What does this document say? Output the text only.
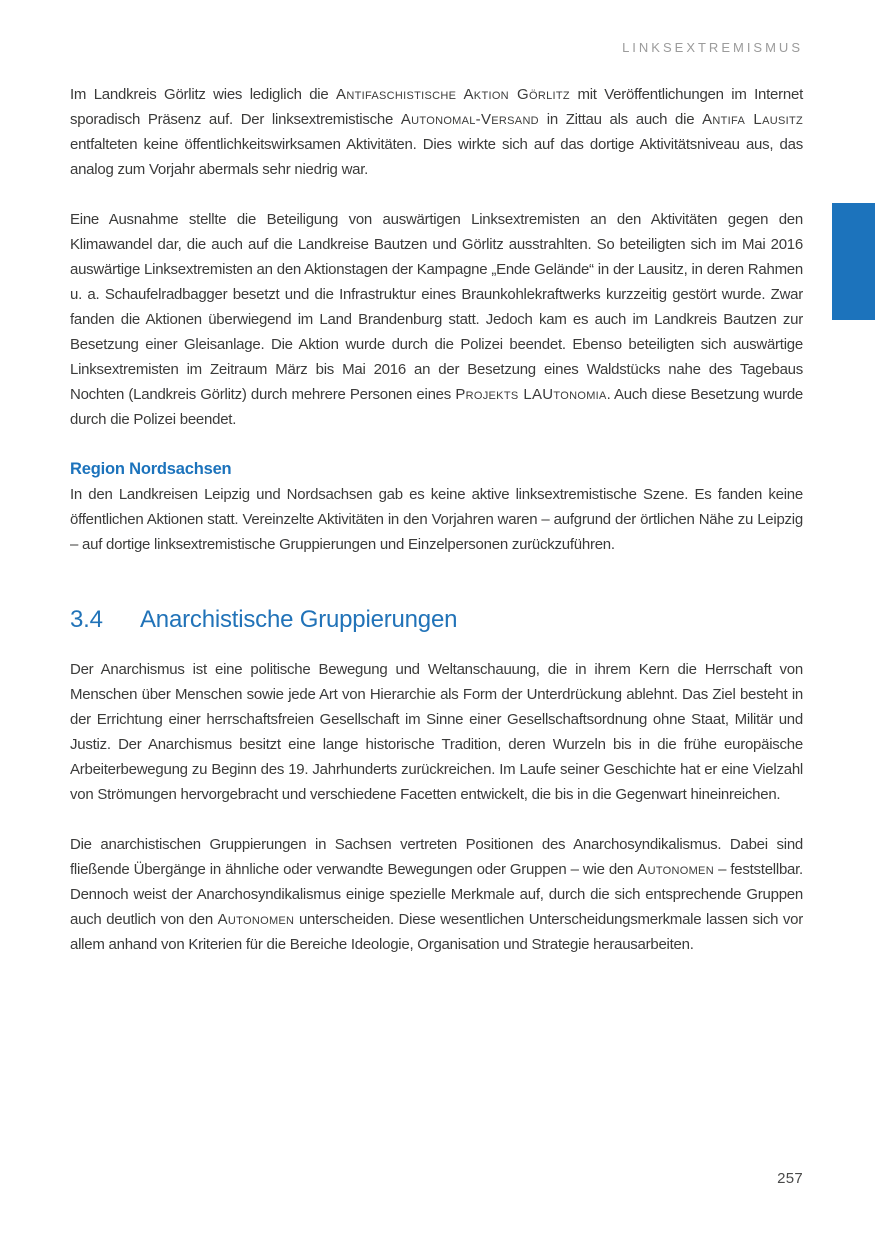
LINKSEXTREMISMUS

Im Landkreis Görlitz wies lediglich die Antifaschistische Aktion Görlitz mit Veröffentlichungen im Internet sporadisch Präsenz auf. Der linksextremistische Autonomal-Versand in Zittau als auch die Antifa Lausitz entfalteten keine öffentlichkeitswirksamen Aktivitäten. Dies wirkte sich auf das dortige Aktivitätsniveau aus, das analog zum Vorjahr abermals sehr niedrig war.

Eine Ausnahme stellte die Beteiligung von auswärtigen Linksextremisten an den Aktivitäten gegen den Klimawandel dar, die auch auf die Landkreise Bautzen und Görlitz ausstrahlten. So beteiligten sich im Mai 2016 auswärtige Linksextremisten an den Aktionstagen der Kampagne „Ende Gelände“ in der Lausitz, in deren Rahmen u. a. Schaufelradbagger besetzt und die Infrastruktur eines Braunkohlekraftwerks kurzzeitig gestört wurde. Zwar fanden die Aktionen überwiegend im Land Brandenburg statt. Jedoch kam es auch im Landkreis Bautzen zur Besetzung einer Gleisanlage. Die Aktion wurde durch die Polizei beendet. Ebenso beteiligten sich auswärtige Linksextremisten im Zeitraum März bis Mai 2016 an der Besetzung eines Waldstücks nahe des Tagebaus Nochten (Landkreis Görlitz) durch mehrere Personen eines Projekts LAUtonomia. Auch diese Besetzung wurde durch die Polizei beendet.

Region Nordsachsen

In den Landkreisen Leipzig und Nordsachsen gab es keine aktive linksextremistische Szene. Es fanden keine öffentlichen Aktionen statt. Vereinzelte Aktivitäten in den Vorjahren waren – aufgrund der örtlichen Nähe zu Leipzig – auf dortige linksextremistische Gruppierungen und Einzelpersonen zurückzuführen.

3.4	Anarchistische Gruppierungen

Der Anarchismus ist eine politische Bewegung und Weltanschauung, die in ihrem Kern die Herrschaft von Menschen über Menschen sowie jede Art von Hierarchie als Form der Unterdrückung ablehnt. Das Ziel besteht in der Errichtung einer herrschaftsfreien Gesellschaft im Sinne einer Gesellschaftsordnung ohne Staat, Militär und Justiz. Der Anarchismus besitzt eine lange historische Tradition, deren Wurzeln bis in die frühe europäische Arbeiterbewegung zu Beginn des 19. Jahrhunderts zurückreichen. Im Laufe seiner Geschichte hat er eine Vielzahl von Strömungen hervorgebracht und verschiedene Facetten entwickelt, die bis in die Gegenwart hineinreichen.

Die anarchistischen Gruppierungen in Sachsen vertreten Positionen des Anarchosyndikalismus. Dabei sind fließende Übergänge in ähnliche oder verwandte Bewegungen oder Gruppen – wie den Autonomen – feststellbar. Dennoch weist der Anarchosyndikalismus einige spezielle Merkmale auf, durch die sich entsprechende Gruppen auch deutlich von den Autonomen unterscheiden. Diese wesentlichen Unterscheidungsmerkmale lassen sich vor allem anhand von Kriterien für die Bereiche Ideologie, Organisation und Strategie herausarbeiten.

257
